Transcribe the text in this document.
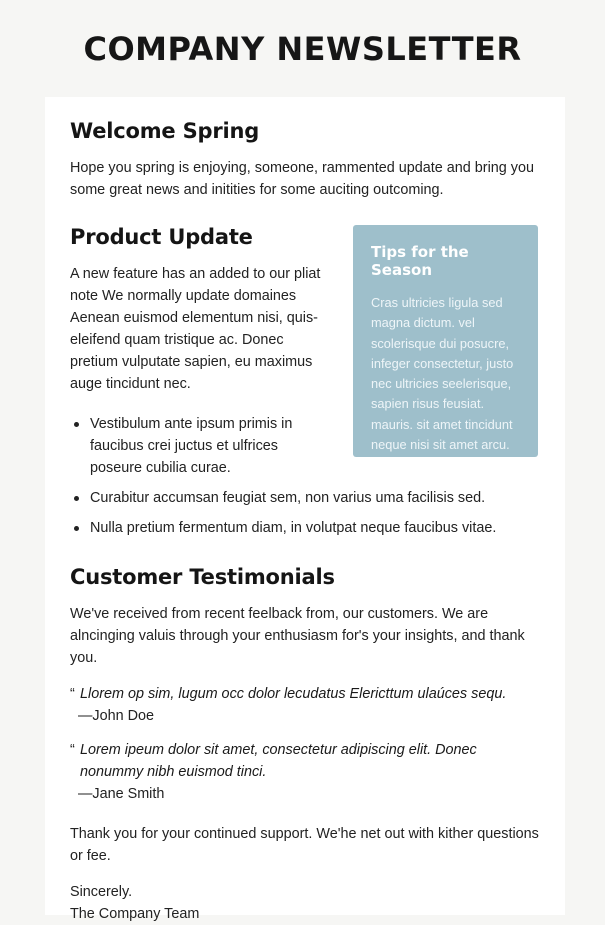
COMPANY NEWSLETTER
Welcome Spring

Hope you spring is enjoying, someone, rammented update and bring you some great news and initities for some auciting outcoming.

Product Update

A new feature has an added to our pliat note We normally update domaines Aenean euismod elementum nisi, quis-eleifend quam tristique ac. Donec pretium vulputate sapien, eu maximus auge tincidunt nec.

Tips for the Season

Cras ultricies ligula sed magna dictum. vel scolerisque dui posucre, infeger consectetur, justo nec ultricies seelerisque, sapien risus feusiat. mauris. sit amet tincidunt neque nisi sit amet arcu.

Vestibulum ante ipsum primis in faucibus crei juctus et ulfrices poseure cubilia curae.
Curabitur accumsan feugiat sem, non varius uma facilisis sed.
Nulla pretium fermentum diam, in volutpat neque faucibus vitae.
Customer Testimonials

We've received from recent feelback from, our customers. We are alncinging valuis through your enthusiasm for's your insights, and thank you.

“ Llorem op sim, lugum occ dolor lecudatus Elericttum ulaúces sequ.
—John Doe
“ Lorem ipeum dolor sit amet, consectetur adipiscing elit. Donec nonummy nibh euismod tinci.
—Jane Smith

Thank you for your continued support. We'he net out with kither questions or fee.

Sincerely.

The Company Team
